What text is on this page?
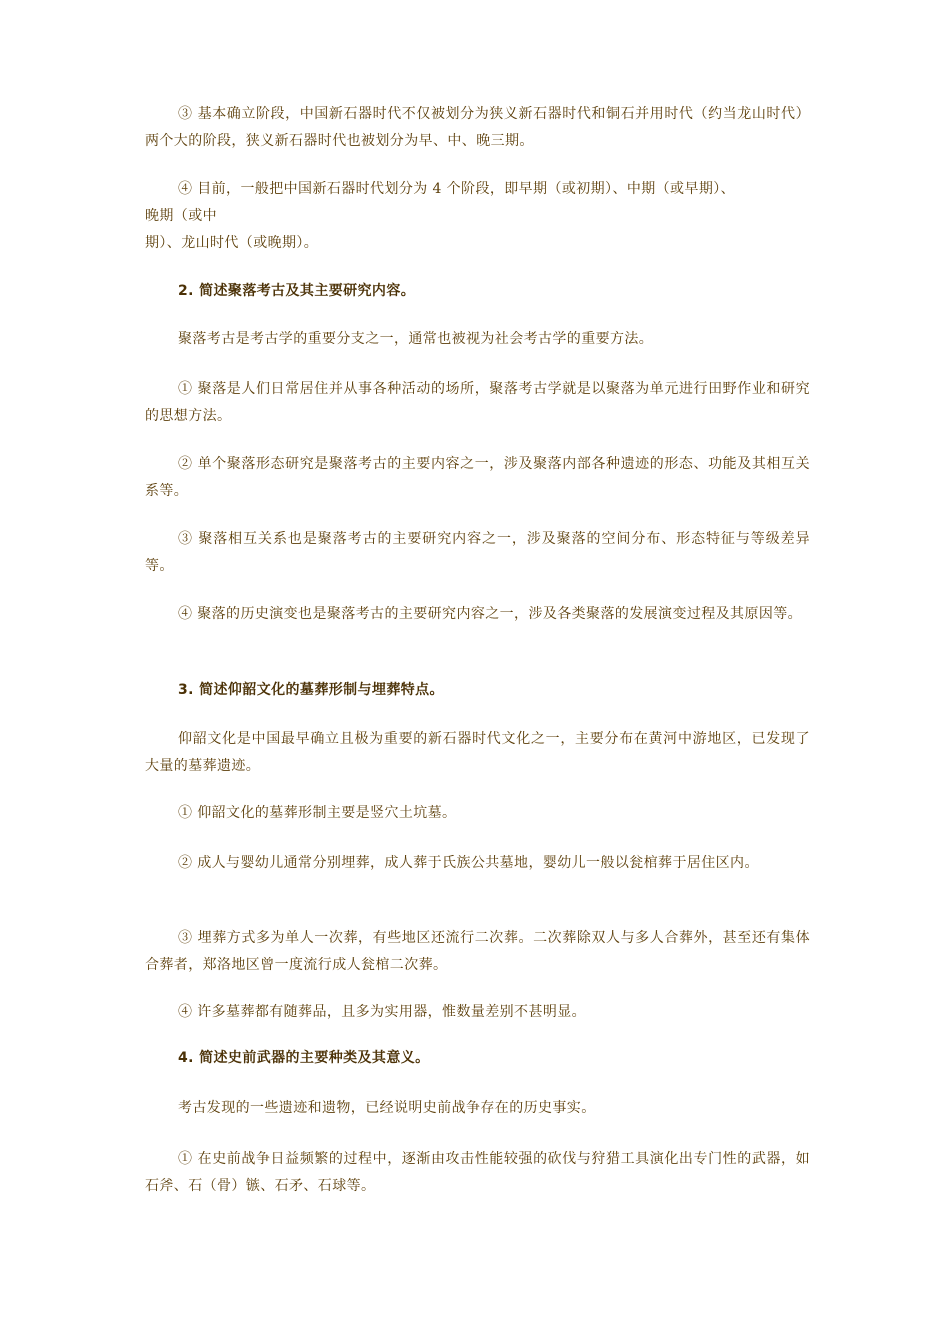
③ 基本确立阶段，中国新石器时代不仅被划分为狭义新石器时代和铜石并用时代（约当龙山时代）两个大的阶段，狭义新石器时代也被划分为早、中、晚三期。

④ 目前，一般把中国新石器时代划分为 4 个阶段，即早期（或初期）、中期（或早期）、
晚期（或中
期）、龙山时代（或晚期）。

2. 简述聚落考古及其主要研究内容。

聚落考古是考古学的重要分支之一，通常也被视为社会考古学的重要方法。

① 聚落是人们日常居住并从事各种活动的场所，聚落考古学就是以聚落为单元进行田野作业和研究的思想方法。

② 单个聚落形态研究是聚落考古的主要内容之一，涉及聚落内部各种遗迹的形态、功能及其相互关系等。

③ 聚落相互关系也是聚落考古的主要研究内容之一，涉及聚落的空间分布、形态特征与等级差异等。

④ 聚落的历史演变也是聚落考古的主要研究内容之一，涉及各类聚落的发展演变过程及其原因等。

3. 简述仰韶文化的墓葬形制与埋葬特点。

仰韶文化是中国最早确立且极为重要的新石器时代文化之一，主要分布在黄河中游地区，已发现了大量的墓葬遗迹。

① 仰韶文化的墓葬形制主要是竖穴土坑墓。

② 成人与婴幼儿通常分别埋葬，成人葬于氏族公共墓地，婴幼儿一般以瓮棺葬于居住区内。

③ 埋葬方式多为单人一次葬，有些地区还流行二次葬。二次葬除双人与多人合葬外，甚至还有集体合葬者，郑洛地区曾一度流行成人瓮棺二次葬。

④ 许多墓葬都有随葬品，且多为实用器，惟数量差别不甚明显。

4. 简述史前武器的主要种类及其意义。

考古发现的一些遗迹和遗物，已经说明史前战争存在的历史事实。

① 在史前战争日益频繁的过程中，逐渐由攻击性能较强的砍伐与狩猎工具演化出专门性的武器，如石斧、石（骨）镞、石矛、石球等。
